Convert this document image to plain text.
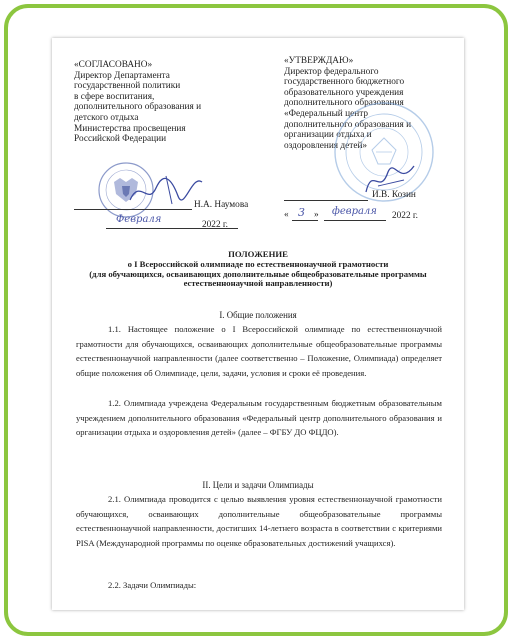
«СОГЛАСОВАНО»
Директор Департамента
государственной политики
в сфере воспитания,
дополнительного образования и
детского отдыха
Министерства просвещения
Российской Федерации
Н.А. Наумова
Февраля	2022 г.
«УТВЕРЖДАЮ»
Директор федерального
государственного бюджетного
образовательного учреждения
дополнительного образования
«Федеральный центр
дополнительного образования и
организации отдыха и
оздоровления детей»
И.В. Козин
« 3 » февраля 2022 г.
ПОЛОЖЕНИЕ
о I Всероссийской олимпиаде по естественнонаучной грамотности
(для обучающихся, осваивающих дополнительные общеобразовательные программы
естественнонаучной направленности)
I. Общие положения
1.1. Настоящее положение о I Всероссийской олимпиаде по естественнонаучной грамотности для обучающихся, осваивающих дополнительные общеобразовательные программы естественнонаучной направленности (далее соответственно – Положение, Олимпиада) определяет общие положения об Олимпиаде, цели, задачи, условия и сроки её проведения.
1.2. Олимпиада учреждена Федеральным государственным бюджетным образовательным учреждением дополнительного образования «Федеральный центр дополнительного образования и организации отдыха и оздоровления детей» (далее – ФГБУ ДО ФЦДО).
II. Цели и задачи Олимпиады
2.1. Олимпиада проводится с целью выявления уровня естественнонаучной грамотности обучающихся, осваивающих дополнительные общеобразовательные программы естественнонаучной направленности, достигших 14-летнего возраста в соответствии с критериями PISA (Международной программы по оценке образовательных достижений учащихся).
2.2. Задачи Олимпиады:
